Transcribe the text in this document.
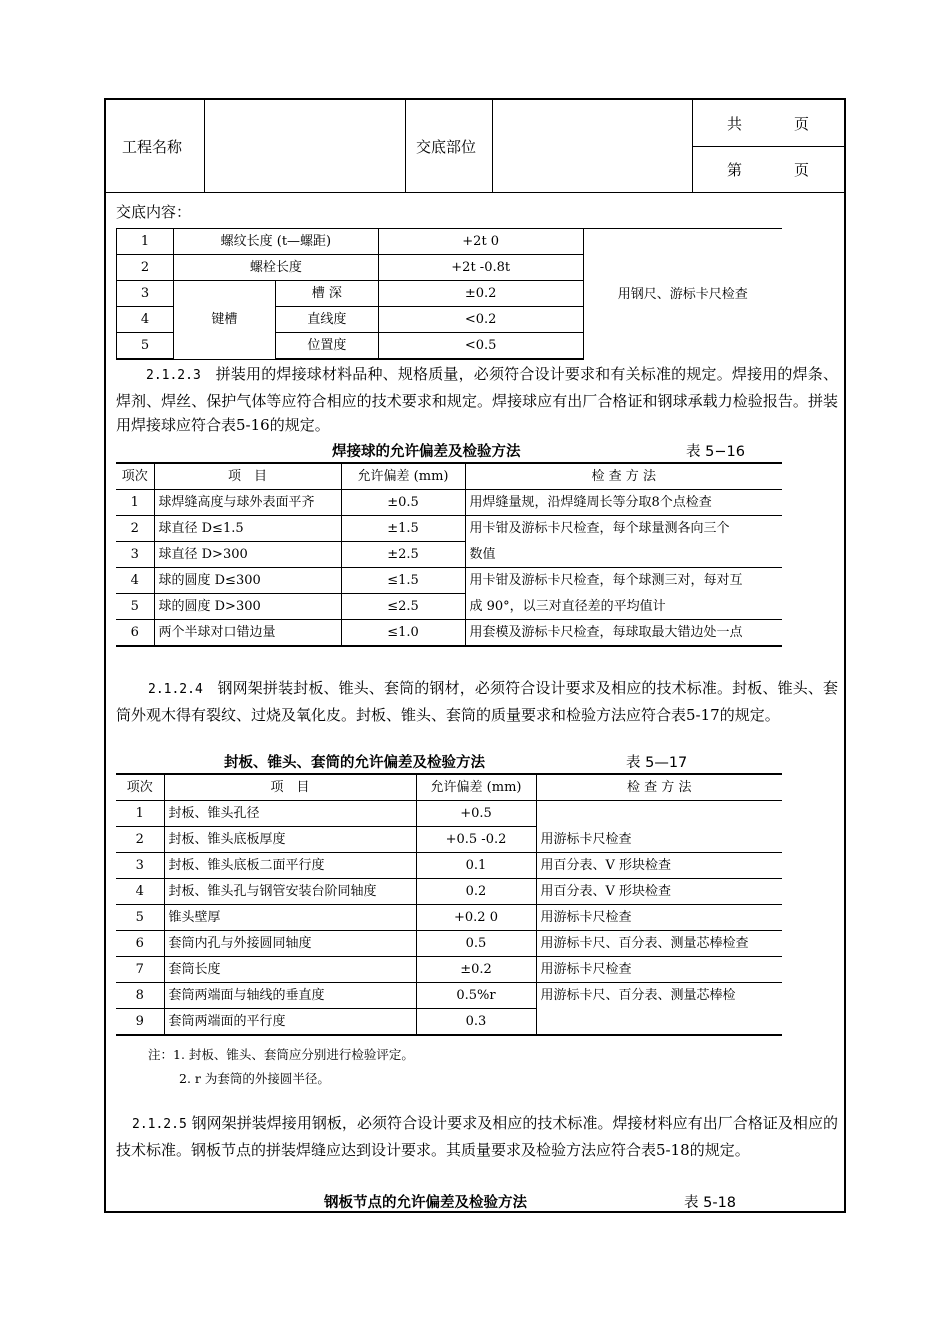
工程名称	交底部位
共	页
第	页
交底内容：
1	螺纹长度 (t—螺距)		+2t 0	用钢尺、游标卡尺检查
2	螺栓长度		+2t -0.8t	
3	键槽	槽 深	±0.2	
4		直线度	<0.2	
5		位置度	<0.5	
2.1.2.3 拼装用的焊接球材料品种、规格质量，必须符合设计要求和有关标准的规定。焊接用的焊条、焊剂、焊丝、保护气体等应符合相应的技术要求和规定。焊接球应有出厂合格证和钢球承载力检验报告。拼装用焊接球应符合表5-16的规定。
焊接球的允许偏差及检验方法	表 5−16
项次	项　目	允许偏差 (mm)	检 查 方 法
1	球焊缝高度与球外表面平齐	±0.5	用焊缝量规，沿焊缝周长等分取8个点检查
2	球直径 D≤1.5	±1.5	用卡钳及游标卡尺检查，每个球量测各向三个
3	球直径 D>300	±2.5	数值
4	球的圆度 D≤300	≤1.5	用卡钳及游标卡尺检查，每个球测三对，每对互
5	球的圆度 D>300	≤2.5	成 90°，以三对直径差的平均值计
6	两个半球对口错边量	≤1.0	用套模及游标卡尺检查，每球取最大错边处一点
2.1.2.4 钢网架拼装封板、锥头、套筒的钢材，必须符合设计要求及相应的技术标准。封板、锥头、套筒外观木得有裂纹、过烧及氧化皮。封板、锥头、套筒的质量要求和检验方法应符合表5-17的规定。
封板、锥头、套筒的允许偏差及检验方法	表 5—17
项次	项　目	允许偏差 (mm)	检 查 方 法
1	封板、锥头孔径	+0.5	
2	封板、锥头底板厚度	+0.5 -0.2	用游标卡尺检查
3	封板、锥头底板二面平行度	0.1	用百分表、V 形块检查
4	封板、锥头孔与钢管安装台阶同轴度	0.2	用百分表、V 形块检查
5	锥头壁厚	+0.2 0	用游标卡尺检查
6	套筒内孔与外接圆同轴度	0.5	用游标卡尺、百分表、测量芯棒检查
7	套筒长度	±0.2	用游标卡尺检查
8	套筒两端面与轴线的垂直度	0.5%r	用游标卡尺、百分表、测量芯棒检
9	套筒两端面的平行度	0.3	
注：1. 封板、锥头、套筒应分别进行检验评定。
2. r 为套筒的外接圆半径。
2.1.2.5 钢网架拼装焊接用钢板，必须符合设计要求及相应的技术标准。焊接材料应有出厂合格证及相应的技术标准。钢板节点的拼装焊缝应达到设计要求。其质量要求及检验方法应符合表5-18的规定。
钢板节点的允许偏差及检验方法	表 5-18
